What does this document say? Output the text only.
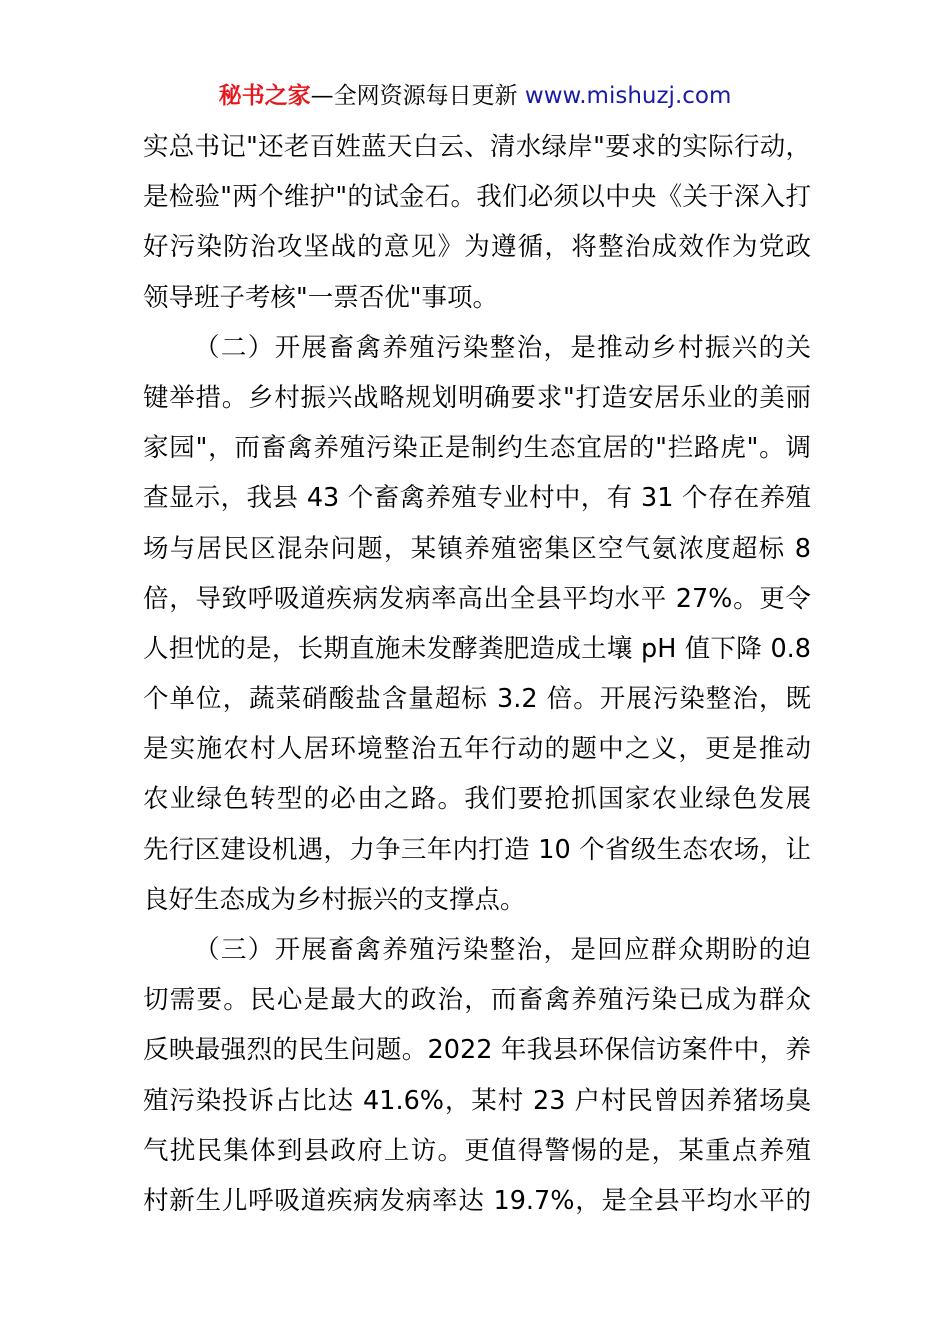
秘书之家—全网资源每日更新 www.mishuzj.com
实总书记"还老百姓蓝天白云、清水绿岸"要求的实际行动，
是检验"两个维护"的试金石。我们必须以中央《关于深入打
好污染防治攻坚战的意见》为遵循，将整治成效作为党政
领导班子考核"一票否优"事项。
（二）开展畜禽养殖污染整治，是推动乡村振兴的关
键举措。乡村振兴战略规划明确要求"打造安居乐业的美丽
家园"，而畜禽养殖污染正是制约生态宜居的"拦路虎"。调
查显示，我县 43 个畜禽养殖专业村中，有 31 个存在养殖
场与居民区混杂问题，某镇养殖密集区空气氨浓度超标 8
倍，导致呼吸道疾病发病率高出全县平均水平 27%。更令
人担忧的是，长期直施未发酵粪肥造成土壤 pH 值下降 0.8
个单位，蔬菜硝酸盐含量超标 3.2 倍。开展污染整治，既
是实施农村人居环境整治五年行动的题中之义，更是推动
农业绿色转型的必由之路。我们要抢抓国家农业绿色发展
先行区建设机遇，力争三年内打造 10 个省级生态农场，让
良好生态成为乡村振兴的支撑点。
（三）开展畜禽养殖污染整治，是回应群众期盼的迫
切需要。民心是最大的政治，而畜禽养殖污染已成为群众
反映最强烈的民生问题。2022 年我县环保信访案件中，养
殖污染投诉占比达 41.6%，某村 23 户村民曾因养猪场臭
气扰民集体到县政府上访。更值得警惕的是，某重点养殖
村新生儿呼吸道疾病发病率达 19.7%，是全县平均水平的
